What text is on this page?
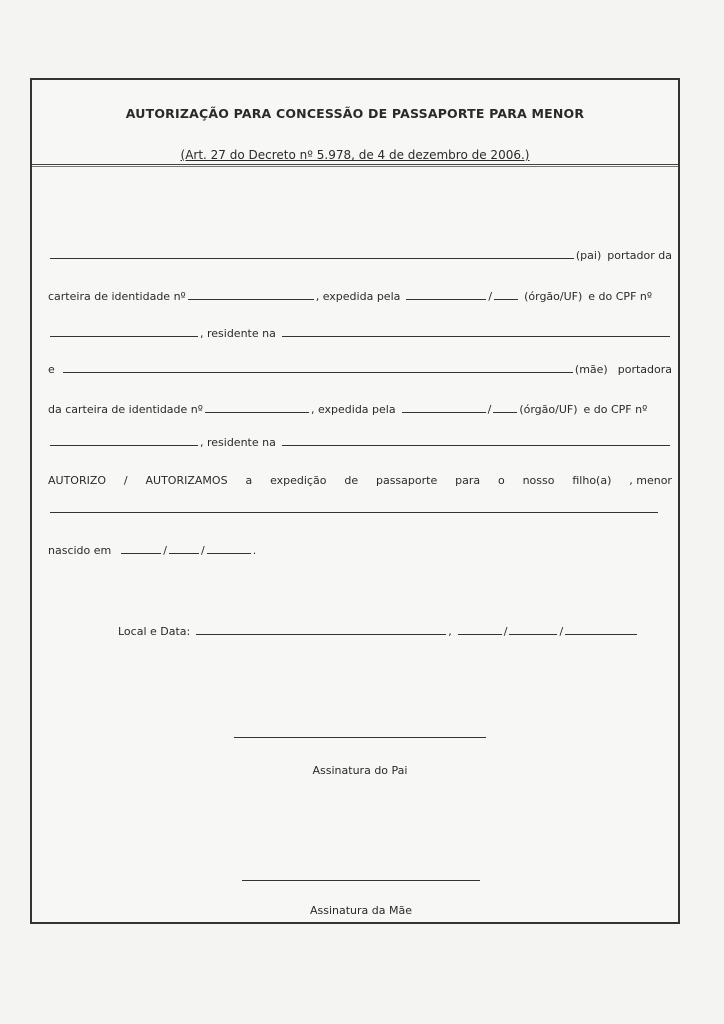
AUTORIZAÇÃO PARA CONCESSÃO DE PASSAPORTE PARA MENOR
(Art. 27 do Decreto nº 5.978, de 4 de dezembro de 2006.)
(pai) portador da
carteira de identidade nº	, expedida pela	/	(órgão/UF) e do CPF nº
, residente na
e	(mãe) portadora
da carteira de identidade nº	, expedida pela	/	(órgão/UF) e do CPF nº
, residente na
AUTORIZO / AUTORIZAMOS a expedição de passaporte para o nosso filho(a) , menor
nascido em	/	/	.
Local e Data:	,	/	/
Assinatura do Pai
Assinatura da Mãe
